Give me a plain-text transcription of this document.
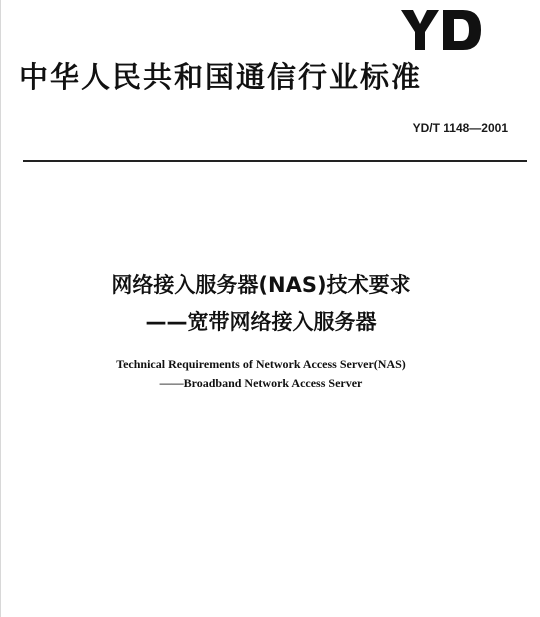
中华人民共和国通信行业标准
YD/T 1148—2001
网络接入服务器(NAS)技术要求
——宽带网络接入服务器
Technical Requirements of Network Access Server(NAS)
——Broadband Network Access Server
